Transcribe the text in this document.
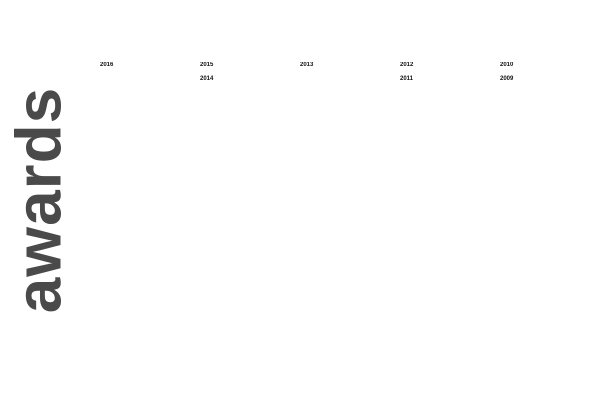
awards
2016	2015
2014
2013	2012
2011
2010
2009
